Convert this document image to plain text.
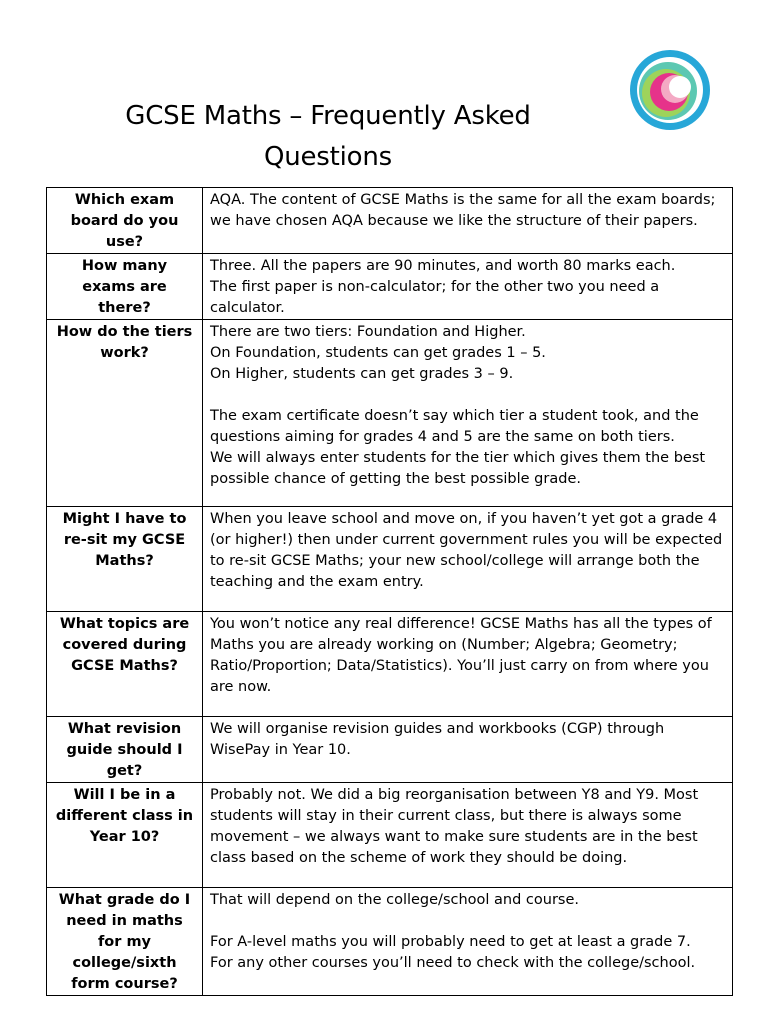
GCSE Maths – Frequently Asked Questions
Which exam board do you use?	AQA. The content of GCSE Maths is the same for all the exam boards; we have chosen AQA because we like the structure of their papers.

How many exams are there?	Three. All the papers are 90 minutes, and worth 80 marks each.
The first paper is non-calculator; for the other two you need a calculator.

How do the tiers work?	There are two tiers: Foundation and Higher.
On Foundation, students can get grades 1 – 5.
On Higher, students can get grades 3 – 9.
The exam certificate doesn’t say which tier a student took, and the questions aiming for grades 4 and 5 are the same on both tiers.
We will always enter students for the tier which gives them the best possible chance of getting the best possible grade.

Might I have to re-sit my GCSE Maths?	When you leave school and move on, if you haven’t yet got a grade 4 (or higher!) then under current government rules you will be expected to re-sit GCSE Maths; your new school/college will arrange both the teaching and the exam entry.

What topics are covered during GCSE Maths?	You won’t notice any real difference! GCSE Maths has all the types of Maths you are already working on (Number; Algebra; Geometry; Ratio/Proportion; Data/Statistics). You’ll just carry on from where you are now.

What revision guide should I get?	We will organise revision guides and workbooks (CGP) through WisePay in Year 10.

Will I be in a different class in Year 10?	Probably not. We did a big reorganisation between Y8 and Y9. Most students will stay in their current class, but there is always some movement – we always want to make sure students are in the best class based on the scheme of work they should be doing.

What grade do I need in maths for my college/sixth form course?	That will depend on the college/school and course.
For A-level maths you will probably need to get at least a grade 7.
For any other courses you’ll need to check with the college/school.
